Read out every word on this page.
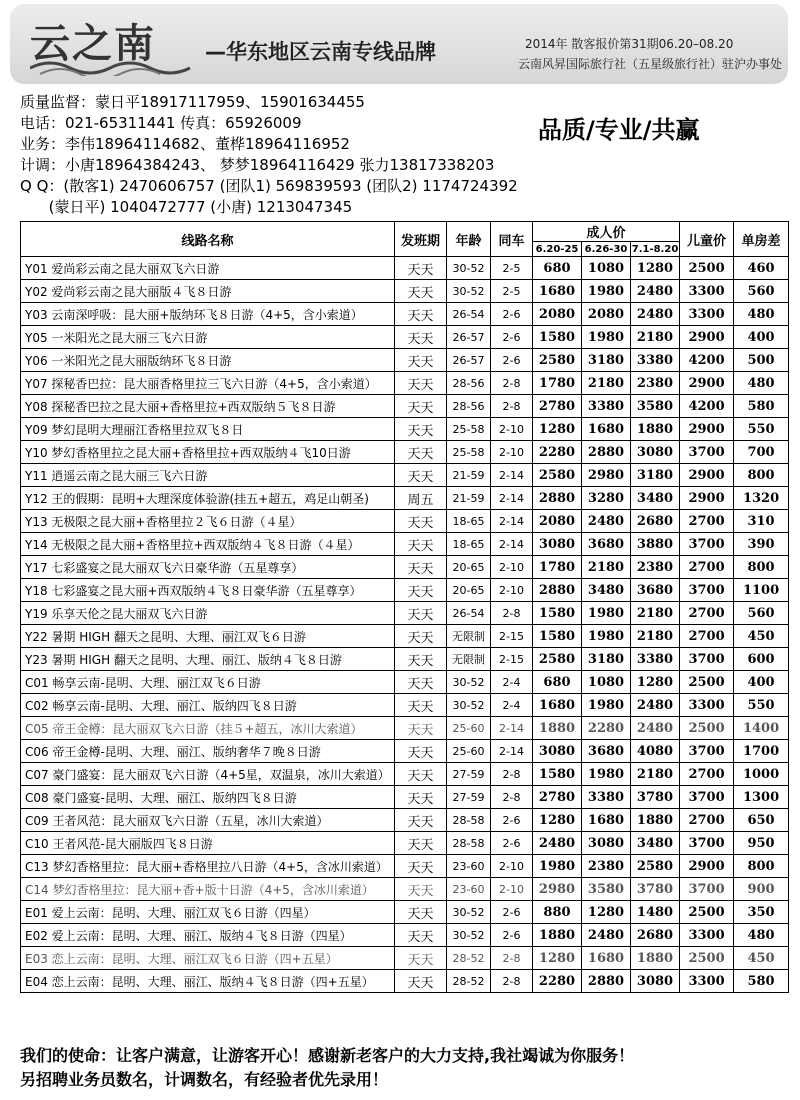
云之南 —华东地区云南专线品牌	2014年 散客报价第31期06.20–08.20
云南风昇国际旅行社（五星级旅行社）驻沪办事处
质量监督：蒙日平18917117959、15901634455
电话：021-65311441 传真：65926009
业务：李伟18964114682、董桦18964116952
计调：小唐18964384243、 梦梦18964116429 张力13817338203
Q Q：(散客1) 2470606757 (团队1) 569839593 (团队2) 1174724392
(蒙日平) 1040472777 (小唐) 1213047345
品质/专业/共赢
线路名称	发班期	年龄	同车	成人价			儿童价	单房差
				6.20-25	6.26-30	7.1-8.20		
Y01 爱尚彩云南之昆大丽双飞六日游	天天	30-52	2-5	680	1080	1280	2500	460
Y02 爱尚彩云南之昆大丽版４飞８日游	天天	30-52	2-5	1680	1980	2480	3300	560
Y03 云南深呼吸：昆大丽+版纳环飞８日游（4+5，含小索道）	天天	26-54	2-6	2080	2080	2480	3300	480
Y05 一米阳光之昆大丽三飞六日游	天天	26-57	2-6	1580	1980	2180	2900	400
Y06 一米阳光之昆大丽版纳环飞８日游	天天	26-57	2-6	2580	3180	3380	4200	500
Y07 探秘香巴拉：昆大丽香格里拉三飞六日游（4+5，含小索道）	天天	28-56	2-8	1780	2180	2380	2900	480
Y08 探秘香巴拉之昆大丽+香格里拉+西双版纳５飞８日游	天天	28-56	2-8	2780	3380	3580	4200	580
Y09 梦幻昆明大理丽江香格里拉双飞８日	天天	25-58	2-10	1280	1680	1880	2900	550
Y10 梦幻香格里拉之昆大丽+香格里拉+西双版纳４飞10日游	天天	25-58	2-10	2280	2880	3080	3700	700
Y11 逍遥云南之昆大丽三飞六日游	天天	21-59	2-14	2580	2980	3180	2900	800
Y12 王的假期：昆明+大理深度体验游(挂五+超五，鸡足山朝圣)	周五	21-59	2-14	2880	3280	3480	2900	1320
Y13 无极限之昆大丽+香格里拉２飞６日游（４星）	天天	18-65	2-14	2080	2480	2680	2700	310
Y14 无极限之昆大丽+香格里拉+西双版纳４飞８日游（４星）	天天	18-65	2-14	3080	3680	3880	3700	390
Y17 七彩盛宴之昆大丽双飞六日豪华游（五星尊享）	天天	20-65	2-10	1780	2180	2380	2700	800
Y18 七彩盛宴之昆大丽+西双版纳４飞８日豪华游（五星尊享）	天天	20-65	2-10	2880	3480	3680	3700	1100
Y19 乐享天伦之昆大丽双飞六日游	天天	26-54	2-8	1580	1980	2180	2700	560
Y22 暑期 HIGH 翻天之昆明、大理、丽江双飞６日游	天天	无限制	2-15	1580	1980	2180	2700	450
Y23 暑期 HIGH 翻天之昆明、大理、丽江、版纳４飞８日游	天天	无限制	2-15	2580	3180	3380	3700	600
C01 畅享云南-昆明、大理、丽江双飞６日游	天天	30-52	2-4	680	1080	1280	2500	400
C02 畅享云南-昆明、大理、丽江、版纳四飞８日游	天天	30-52	2-4	1680	1980	2480	3300	550
C05 帝王金樽：昆大丽双飞六日游（挂５+超五，冰川大索道）	天天	25-60	2-14	1880	2280	2480	2500	1400
C06 帝王金樽-昆明、大理、丽江、版纳奢华７晚８日游	天天	25-60	2-14	3080	3680	4080	3700	1700
C07 豪门盛宴：昆大丽双飞六日游（4+5星，双温泉，冰川大索道）	天天	27-59	2-8	1580	1980	2180	2700	1000
C08 豪门盛宴-昆明、大理、丽江、版纳四飞８日游	天天	27-59	2-8	2780	3380	3780	3700	1300
C09 王者风范：昆大丽双飞六日游（五星，冰川大索道）	天天	28-58	2-6	1280	1680	1880	2700	650
C10 王者风范-昆大丽版四飞８日游	天天	28-58	2-6	2480	3080	3480	3700	950
C13 梦幻香格里拉：昆大丽+香格里拉八日游（4+5，含冰川索道）	天天	23-60	2-10	1980	2380	2580	2900	800
C14 梦幻香格里拉：昆大丽+香+版十日游（4+5，含冰川索道）	天天	23-60	2-10	2980	3580	3780	3700	900
E01 爱上云南：昆明、大理、丽江双飞６日游（四星）	天天	30-52	2-6	880	1280	1480	2500	350
E02 爱上云南：昆明、大理、丽江、版纳４飞８日游（四星）	天天	30-52	2-6	1880	2480	2680	3300	480
E03 恋上云南：昆明、大理、丽江双飞６日游（四+五星）	天天	28-52	2-8	1280	1680	1880	2500	450
E04 恋上云南：昆明、大理、丽江、版纳４飞８日游（四+五星）	天天	28-52	2-8	2280	2880	3080	3300	580
我们的使命：让客户满意，让游客开心！感谢新老客户的大力支持,我社竭诚为你服务！
另招聘业务员数名，计调数名，有经验者优先录用！
